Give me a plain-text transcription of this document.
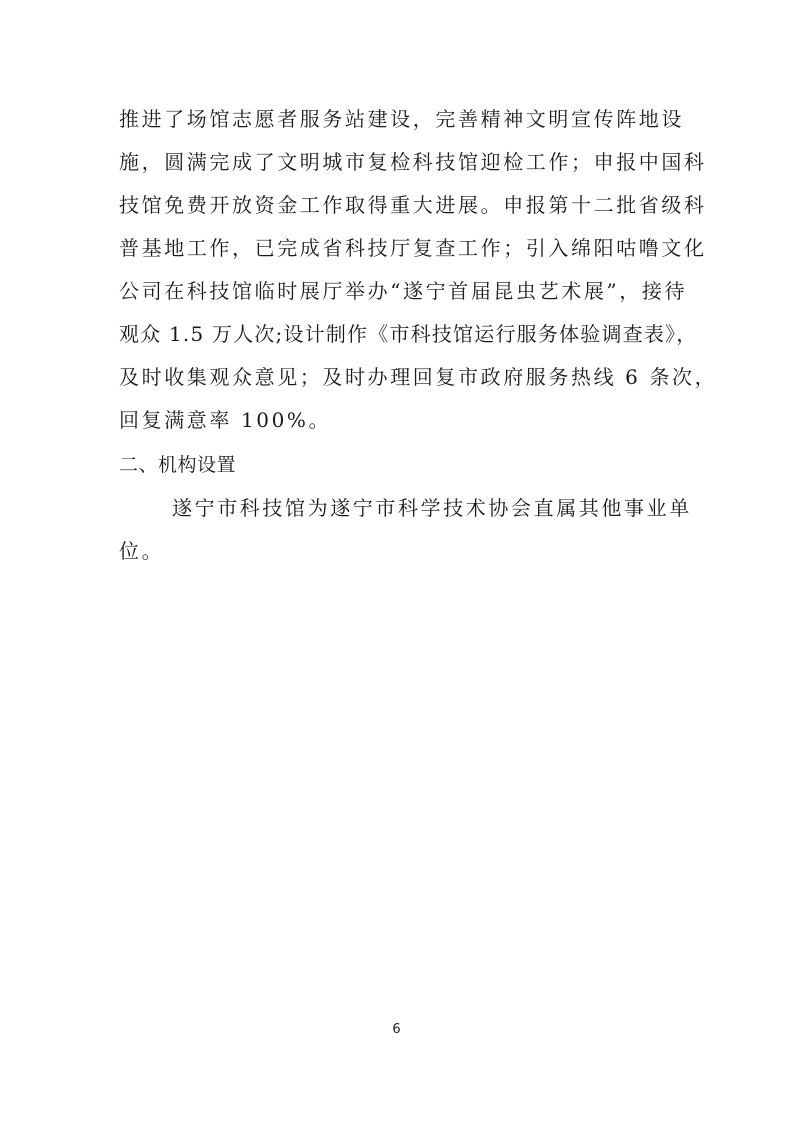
推进了场馆志愿者服务站建设，完善精神文明宣传阵地设
施，圆满完成了文明城市复检科技馆迎检工作；申报中国科
技馆免费开放资金工作取得重大进展。申报第十二批省级科
普基地工作，已完成省科技厅复查工作；引入绵阳咕噜文化
公司在科技馆临时展厅举办“遂宁首届昆虫艺术展”，接待
观众 1.5 万人次;设计制作《市科技馆运行服务体验调查表》，
及时收集观众意见；及时办理回复市政府服务热线 6 条次，
回复满意率 100%。
二、机构设置
遂宁市科技馆为遂宁市科学技术协会直属其他事业单
位。
6
